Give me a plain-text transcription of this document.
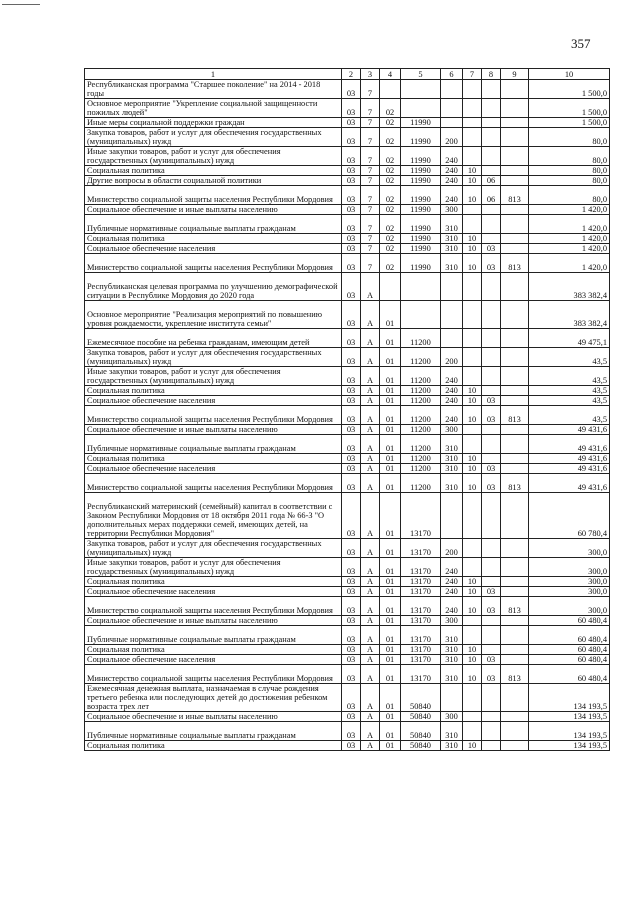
357
1	2	3	4	5	6	7	8	9	10
Республиканская программа "Старшее поколение" на 2014 - 2018 годы	03	7							1 500,0
Основное мероприятие "Укрепление социальной защищенности пожилых людей"	03	7	02						1 500,0
Иные меры социальной поддержки граждан	03	7	02	11990					1 500,0
Закупка товаров, работ и услуг для обеспечения государственных (муниципальных) нужд	03	7	02	11990	200				80,0
Иные закупки товаров, работ и услуг для обеспечения государственных (муниципальных) нужд	03	7	02	11990	240				80,0
Социальная политика	03	7	02	11990	240	10			80,0
Другие вопросы в области социальной политики	03	7	02	11990	240	10	06		80,0
Министерство социальной защиты населения Республики Мордовия	03	7	02	11990	240	10	06	813	80,0
Социальное обеспечение и иные выплаты населению	03	7	02	11990	300				1 420,0
Публичные нормативные социальные выплаты гражданам	03	7	02	11990	310				1 420,0
Социальная политика	03	7	02	11990	310	10			1 420,0
Социальное обеспечение населения	03	7	02	11990	310	10	03		1 420,0
Министерство социальной защиты населения Республики Мордовия	03	7	02	11990	310	10	03	813	1 420,0
Республиканская целевая программа по улучшению демографической ситуации в Республике Мордовия до 2020 года	03	А							383 382,4
Основное мероприятие "Реализация мероприятий по повышению уровня рождаемости, укрепление института семьи"	03	А	01						383 382,4
Ежемесячное пособие на ребенка гражданам, имеющим детей	03	А	01	11200					49 475,1
Закупка товаров, работ и услуг для обеспечения государственных (муниципальных) нужд	03	А	01	11200	200				43,5
Иные закупки товаров, работ и услуг для обеспечения государственных (муниципальных) нужд	03	А	01	11200	240				43,5
Социальная политика	03	А	01	11200	240	10			43,5
Социальное обеспечение населения	03	А	01	11200	240	10	03		43,5
Министерство социальной защиты населения Республики Мордовия	03	А	01	11200	240	10	03	813	43,5
Социальное обеспечение и иные выплаты населению	03	А	01	11200	300				49 431,6
Публичные нормативные социальные выплаты гражданам	03	А	01	11200	310				49 431,6
Социальная политика	03	А	01	11200	310	10			49 431,6
Социальное обеспечение населения	03	А	01	11200	310	10	03		49 431,6
Министерство социальной защиты населения Республики Мордовия	03	А	01	11200	310	10	03	813	49 431,6
Республиканский материнский (семейный) капитал в соответствии с Законом Республики Мордовия от 18 октября 2011 года № 66-З "О дополнительных мерах поддержки семей, имеющих детей, на территории Республики Мордовия"	03	А	01	13170					60 780,4
Закупка товаров, работ и услуг для обеспечения государственных (муниципальных) нужд	03	А	01	13170	200				300,0
Иные закупки товаров, работ и услуг для обеспечения государственных (муниципальных) нужд	03	А	01	13170	240				300,0
Социальная политика	03	А	01	13170	240	10			300,0
Социальное обеспечение населения	03	А	01	13170	240	10	03		300,0
Министерство социальной защиты населения Республики Мордовия	03	А	01	13170	240	10	03	813	300,0
Социальное обеспечение и иные выплаты населению	03	А	01	13170	300				60 480,4
Публичные нормативные социальные выплаты гражданам	03	А	01	13170	310				60 480,4
Социальная политика	03	А	01	13170	310	10			60 480,4
Социальное обеспечение населения	03	А	01	13170	310	10	03		60 480,4
Министерство социальной защиты населения Республики Мордовия	03	А	01	13170	310	10	03	813	60 480,4
Ежемесячная денежная выплата, назначаемая в случае рождения третьего ребенка или последующих детей до достижения ребенком возраста трех лет	03	А	01	50840					134 193,5
Социальное обеспечение и иные выплаты населению	03	А	01	50840	300				134 193,5
Публичные нормативные социальные выплаты гражданам	03	А	01	50840	310				134 193,5
Социальная политика	03	А	01	50840	310	10			134 193,5
